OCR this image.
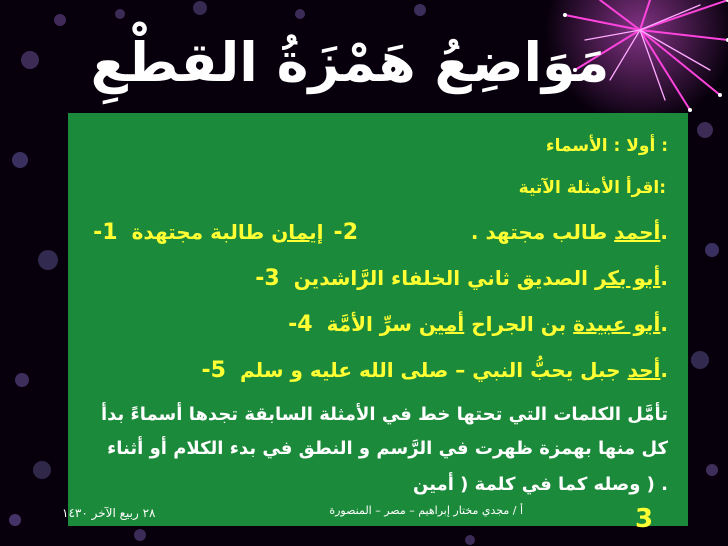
مَوَاضِعُ هَمْزَةُ القطْعِ
: أولا : الأسماء
:اقرأ الأمثلة الآتية
.أحمد طالب مجتهد .
2-إيمان طالبة مجتهدة1-
.أبو بكر الصديق ثاني الخلفاء الرَّاشدين3-
.أبو عبيدة بن الجراح أمين سرِّ الأمَّة4-
.أحد جبل يحبُّ النبي – صلى الله عليه و سلم5-
تأمَّل الكلمات التي تحتها خط في الأمثلة السابقة تجدها أسماءً بدأ
كل منها بهمزة ظهرت في الرَّسم و النطق في بدء الكلام أو أثناء
. ( وصله كما في كلمة ( أمين
أ / مجدي مختار إبراهيم – مصر – المنصورة
٢٨ ربيع الآخر ١٤٣٠	3
